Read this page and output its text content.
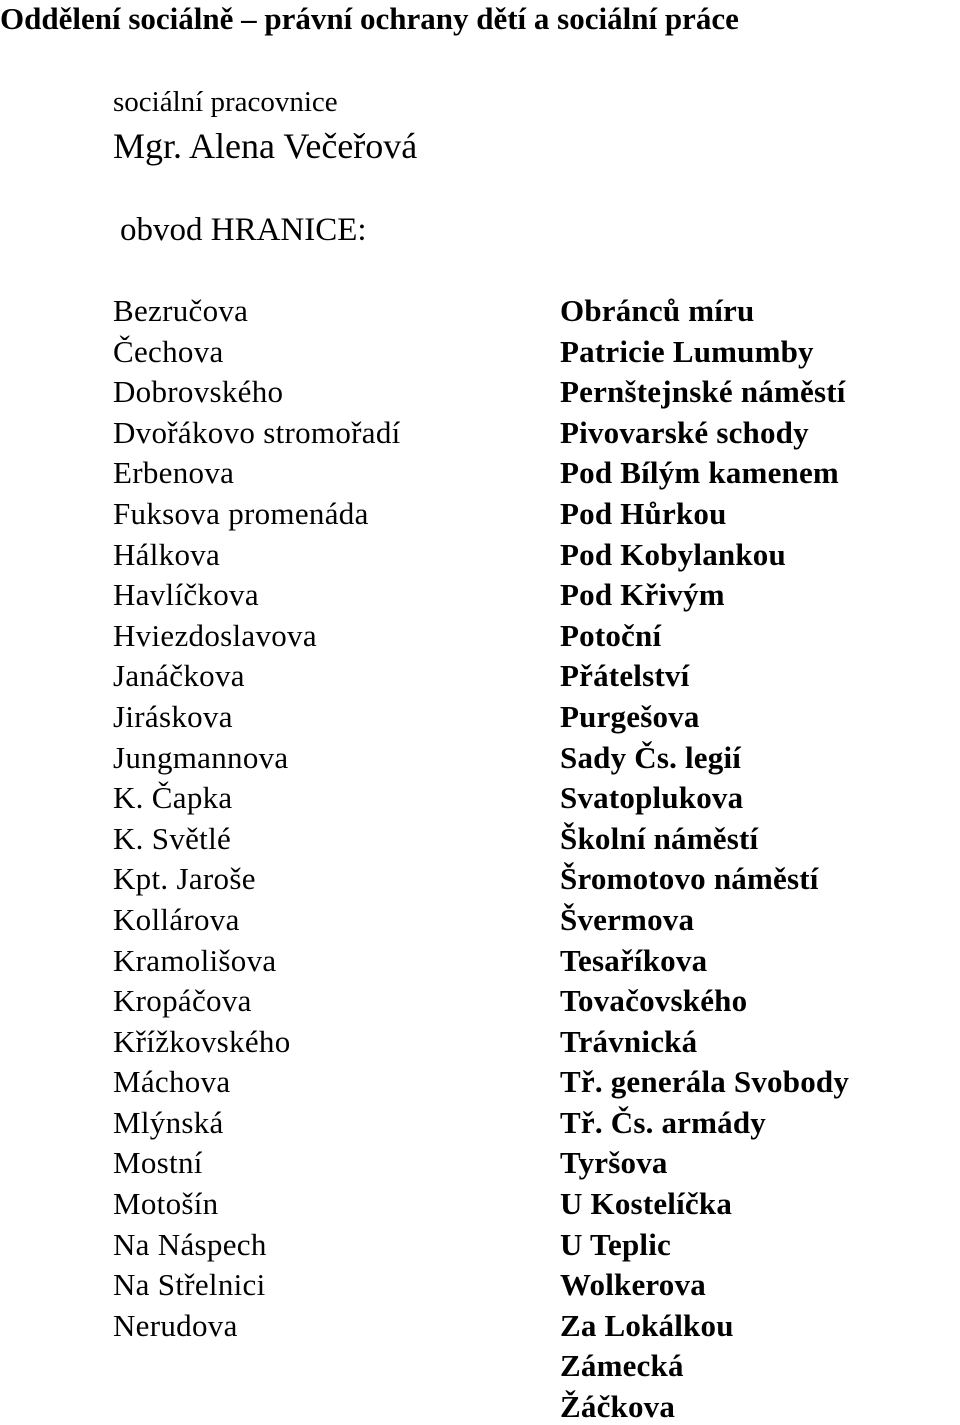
Oddělení sociálně – právní ochrany dětí a sociální práce
sociální pracovnice
Mgr. Alena Večeřová
obvod HRANICE:
Bezručova
Čechova
Dobrovského
Dvořákovo stromořadí
Erbenova
Fuksova promenáda
Hálkova
Havlíčkova
Hviezdoslavova
Janáčkova
Jiráskova
Jungmannova
K. Čapka
K. Světlé
Kpt. Jaroše
Kollárova
Kramolišova
Kropáčova
Křížkovského
Máchova
Mlýnská
Mostní
Motošín
Na Náspech
Na Střelnici
Nerudova
Obránců míru
Patricie Lumumby
Pernštejnské náměstí
Pivovarské schody
Pod Bílým kamenem
Pod Hůrkou
Pod Kobylankou
Pod Křivým
Potoční
Přátelství
Purgešova
Sady Čs. legií
Svatoplukova
Školní náměstí
Šromotovo náměstí
Švermova
Tesaříkova
Tovačovského
Trávnická
Tř. generála Svobody
Tř. Čs. armády
Tyršova
U Kostelíčka
U Teplic
Wolkerova
Za Lokálkou
Zámecká
Žáčkova
